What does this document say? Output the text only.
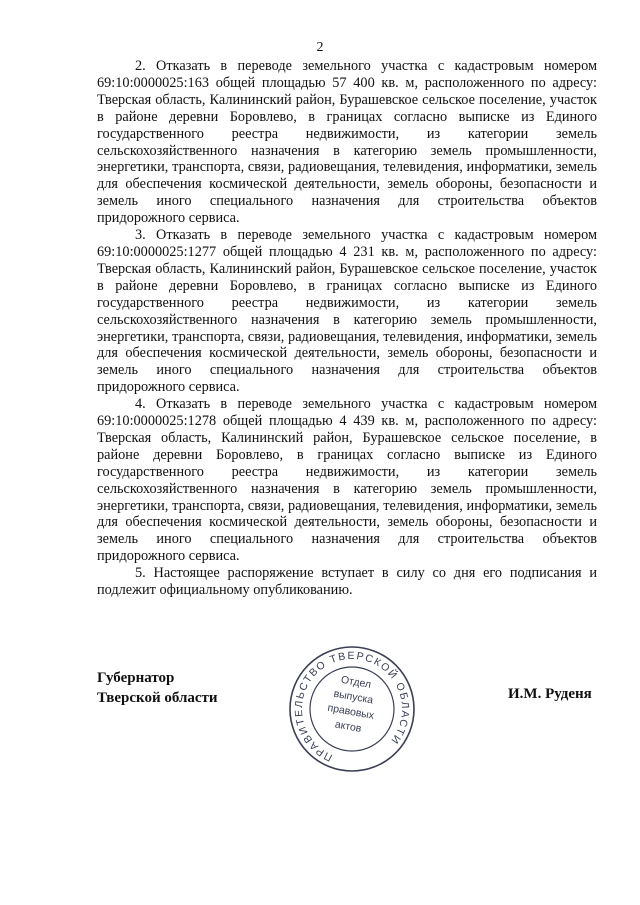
2

2. Отказать в переводе земельного участка с кадастровым номером 69:10:0000025:163 общей площадью 57 400 кв. м, расположенного по адресу: Тверская область, Калининский район, Бурашевское сельское поселение, участок в районе деревни Боровлево, в границах согласно выписке из Единого государственного реестра недвижимости, из категории земель сельскохозяйственного назначения в категорию земель промышленности, энергетики, транспорта, связи, радиовещания, телевидения, информатики, земель для обеспечения космической деятельности, земель обороны, безопасности и земель иного специального назначения для строительства объектов придорожного сервиса.

3. Отказать в переводе земельного участка с кадастровым номером 69:10:0000025:1277 общей площадью 4 231 кв. м, расположенного по адресу: Тверская область, Калининский район, Бурашевское сельское поселение, участок в районе деревни Боровлево, в границах согласно выписке из Единого государственного реестра недвижимости, из категории земель сельскохозяйственного назначения в категорию земель промышленности, энергетики, транспорта, связи, радиовещания, телевидения, информатики, земель для обеспечения космической деятельности, земель обороны, безопасности и земель иного специального назначения для строительства объектов придорожного сервиса.

4. Отказать в переводе земельного участка с кадастровым номером 69:10:0000025:1278 общей площадью 4 439 кв. м, расположенного по адресу: Тверская область, Калининский район, Бурашевское сельское поселение, в районе деревни Боровлево, в границах согласно выписке из Единого государственного реестра недвижимости, из категории земель сельскохозяйственного назначения в категорию земель промышленности, энергетики, транспорта, связи, радиовещания, телевидения, информатики, земель для обеспечения космической деятельности, земель обороны, безопасности и земель иного специального назначения для строительства объектов придорожного сервиса.

5. Настоящее распоряжение вступает в силу со дня его подписания и подлежит официальному опубликованию.

Губернатор
Тверской области
ПРАВИТЕЛЬСТВО ТВЕРСКОЙ ОБЛАСТИ
Отдел
выпуска
правовых
актов
И.М. Руденя
